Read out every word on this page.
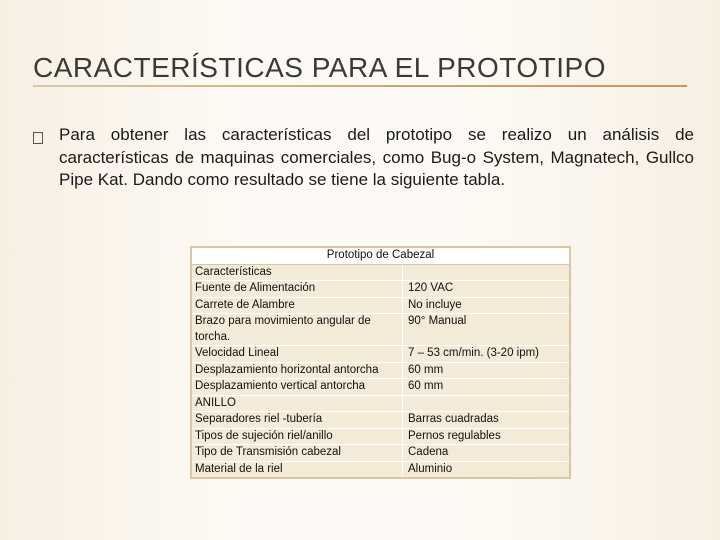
CARACTERÍSTICAS PARA EL PROTOTIPO
Para obtener las características del prototipo se realizo un análisis de características de maquinas comerciales, como Bug-o System, Magnatech, Gullco Pipe Kat. Dando como resultado se tiene la siguiente tabla.
Prototipo de Cabezal	
Características	
Fuente de Alimentación	120 VAC
Carrete de Alambre	No incluye
Brazo para movimiento angular de torcha.	90° Manual
Velocidad Lineal	7 – 53 cm/min. (3-20 ipm)
Desplazamiento horizontal antorcha	60 mm
Desplazamiento vertical antorcha	60 mm
ANILLO	
Separadores riel -tubería	Barras cuadradas
Tipos de sujeción riel/anillo	Pernos regulables
Tipo de Transmisión cabezal	Cadena
Material de la riel	Aluminio
